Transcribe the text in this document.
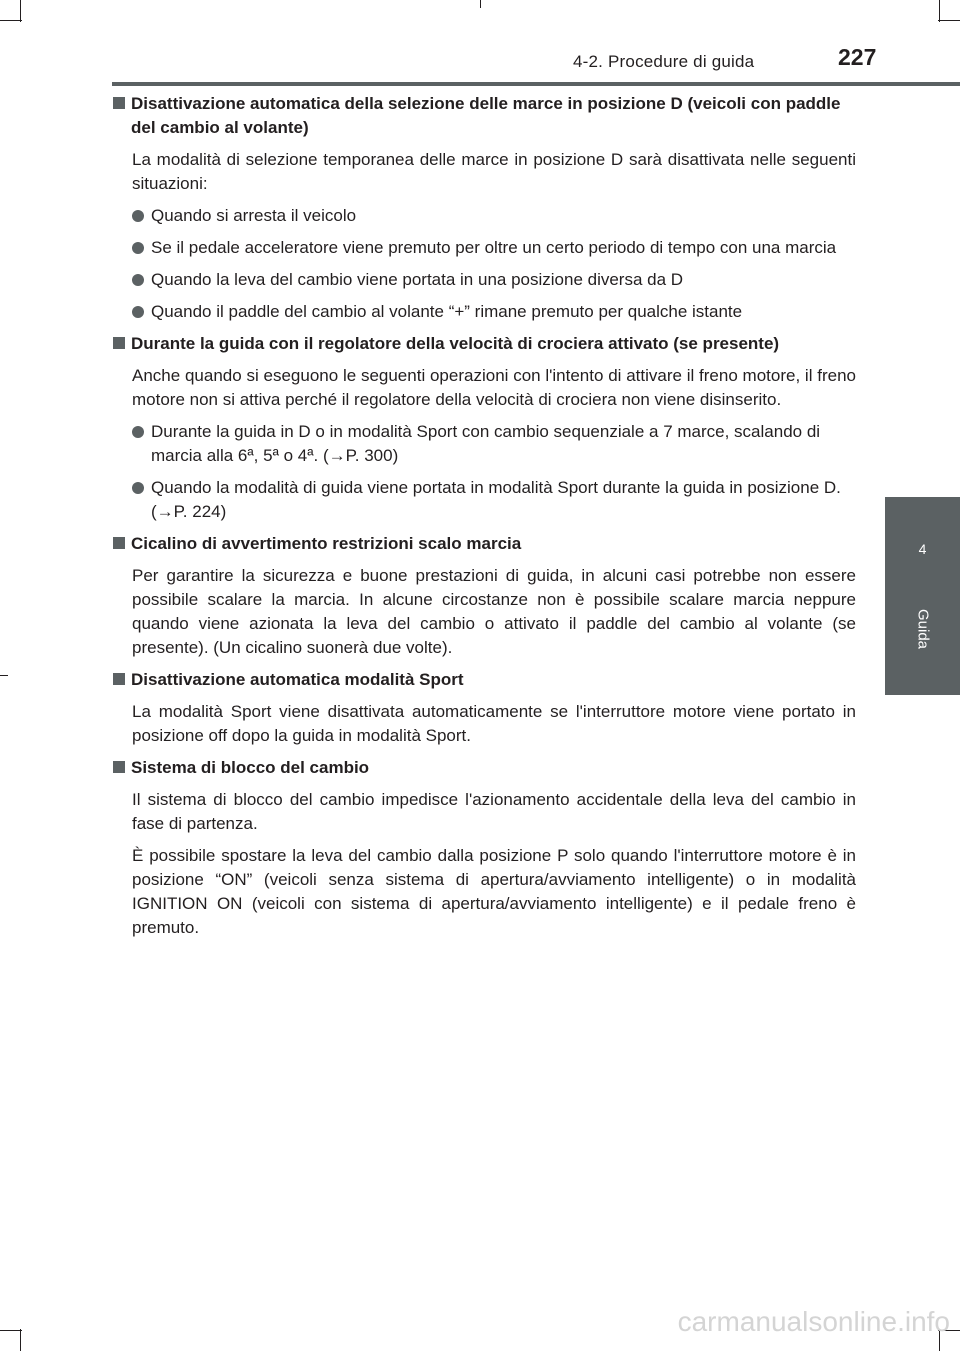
4-2. Procedure di guida	227
4
Guida
Disattivazione automatica della selezione delle marce in posizione D (veicoli con paddle del cambio al volante)
La modalità di selezione temporanea delle marce in posizione D sarà disattivata nelle seguenti situazioni:
Quando si arresta il veicolo
Se il pedale acceleratore viene premuto per oltre un certo periodo di tempo con una marcia
Quando la leva del cambio viene portata in una posizione diversa da D
Quando il paddle del cambio al volante “+” rimane premuto per qualche istante
Durante la guida con il regolatore della velocità di crociera attivato (se presente)
Anche quando si eseguono le seguenti operazioni con l'intento di attivare il freno motore, il freno motore non si attiva perché il regolatore della velocità di crociera non viene disinserito.
Durante la guida in D o in modalità Sport con cambio sequenziale a 7 marce, scalando di marcia alla 6ª, 5ª o 4ª. (→P. 300)
Quando la modalità di guida viene portata in modalità Sport durante la guida in posizione D. (→P. 224)
Cicalino di avvertimento restrizioni scalo marcia
Per garantire la sicurezza e buone prestazioni di guida, in alcuni casi potrebbe non essere possibile scalare la marcia. In alcune circostanze non è possibile scalare marcia neppure quando viene azionata la leva del cambio o attivato il paddle del cambio al volante (se presente). (Un cicalino suonerà due volte).
Disattivazione automatica modalità Sport
La modalità Sport viene disattivata automaticamente se l'interruttore motore viene portato in posizione off dopo la guida in modalità Sport.
Sistema di blocco del cambio
Il sistema di blocco del cambio impedisce l'azionamento accidentale della leva del cambio in fase di partenza.
È possibile spostare la leva del cambio dalla posizione P solo quando l'interruttore motore è in posizione “ON” (veicoli senza sistema di apertura/avviamento intelligente) o in modalità IGNITION ON (veicoli con sistema di apertura/avviamento intelligente) e il pedale freno è premuto.
carmanualsonline.info
